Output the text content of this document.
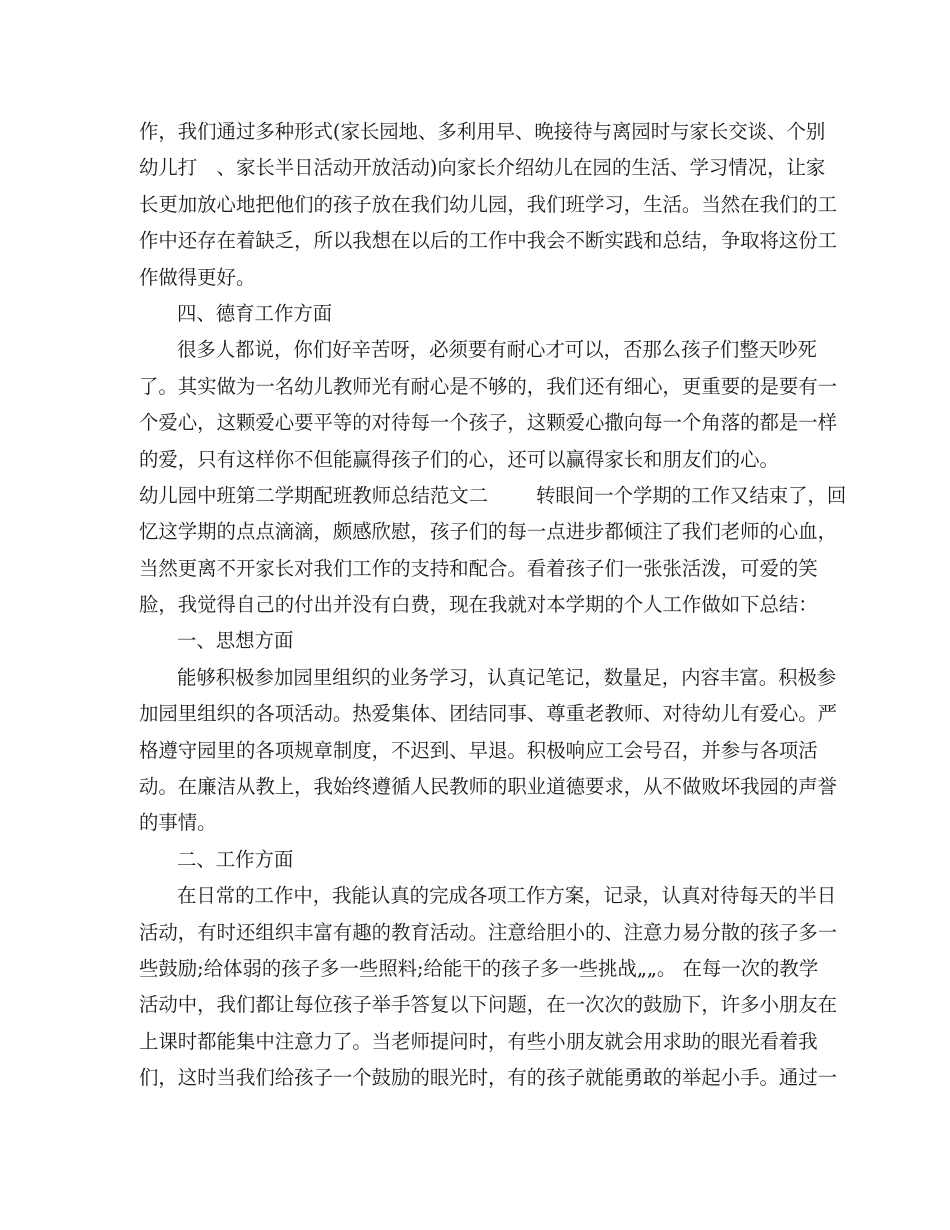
作，我们通过多种形式(家长园地、多利用早、晚接待与离园时与家长交谈、个别
幼儿打　、家长半日活动开放活动)向家长介绍幼儿在园的生活、学习情况，让家
长更加放心地把他们的孩子放在我们幼儿园，我们班学习，生活。当然在我们的工
作中还存在着缺乏，所以我想在以后的工作中我会不断实践和总结，争取将这份工
作做得更好。
四、德育工作方面
很多人都说，你们好辛苦呀，必须要有耐心才可以，否那么孩子们整天吵死
了。其实做为一名幼儿教师光有耐心是不够的，我们还有细心，更重要的是要有一
个爱心，这颗爱心要平等的对待每一个孩子，这颗爱心撒向每一个角落的都是一样
的爱，只有这样你不但能赢得孩子们的心，还可以赢得家长和朋友们的心。
幼儿园中班第二学期配班教师总结范文二 转眼间一个学期的工作又结束了，回
忆这学期的点点滴滴，颇感欣慰，孩子们的每一点进步都倾注了我们老师的心血，
当然更离不开家长对我们工作的支持和配合。看着孩子们一张张活泼，可爱的笑
脸，我觉得自己的付出并没有白费，现在我就对本学期的个人工作做如下总结：
一、思想方面
能够积极参加园里组织的业务学习，认真记笔记，数量足，内容丰富。积极参
加园里组织的各项活动。热爱集体、团结同事、尊重老教师、对待幼儿有爱心。严
格遵守园里的各项规章制度，不迟到、早退。积极响应工会号召，并参与各项活
动。在廉洁从教上，我始终遵循人民教师的职业道德要求，从不做败坏我园的声誉
的事情。
二、工作方面
在日常的工作中，我能认真的完成各项工作方案，记录，认真对待每天的半日
活动，有时还组织丰富有趣的教育活动。注意给胆小的、注意力易分散的孩子多一
些鼓励;给体弱的孩子多一些照料;给能干的孩子多一些挑战„„。 在每一次的教学
活动中，我们都让每位孩子举手答复以下问题，在一次次的鼓励下，许多小朋友在
上课时都能集中注意力了。当老师提问时，有些小朋友就会用求助的眼光看着我
们，这时当我们给孩子一个鼓励的眼光时，有的孩子就能勇敢的举起小手。通过一
